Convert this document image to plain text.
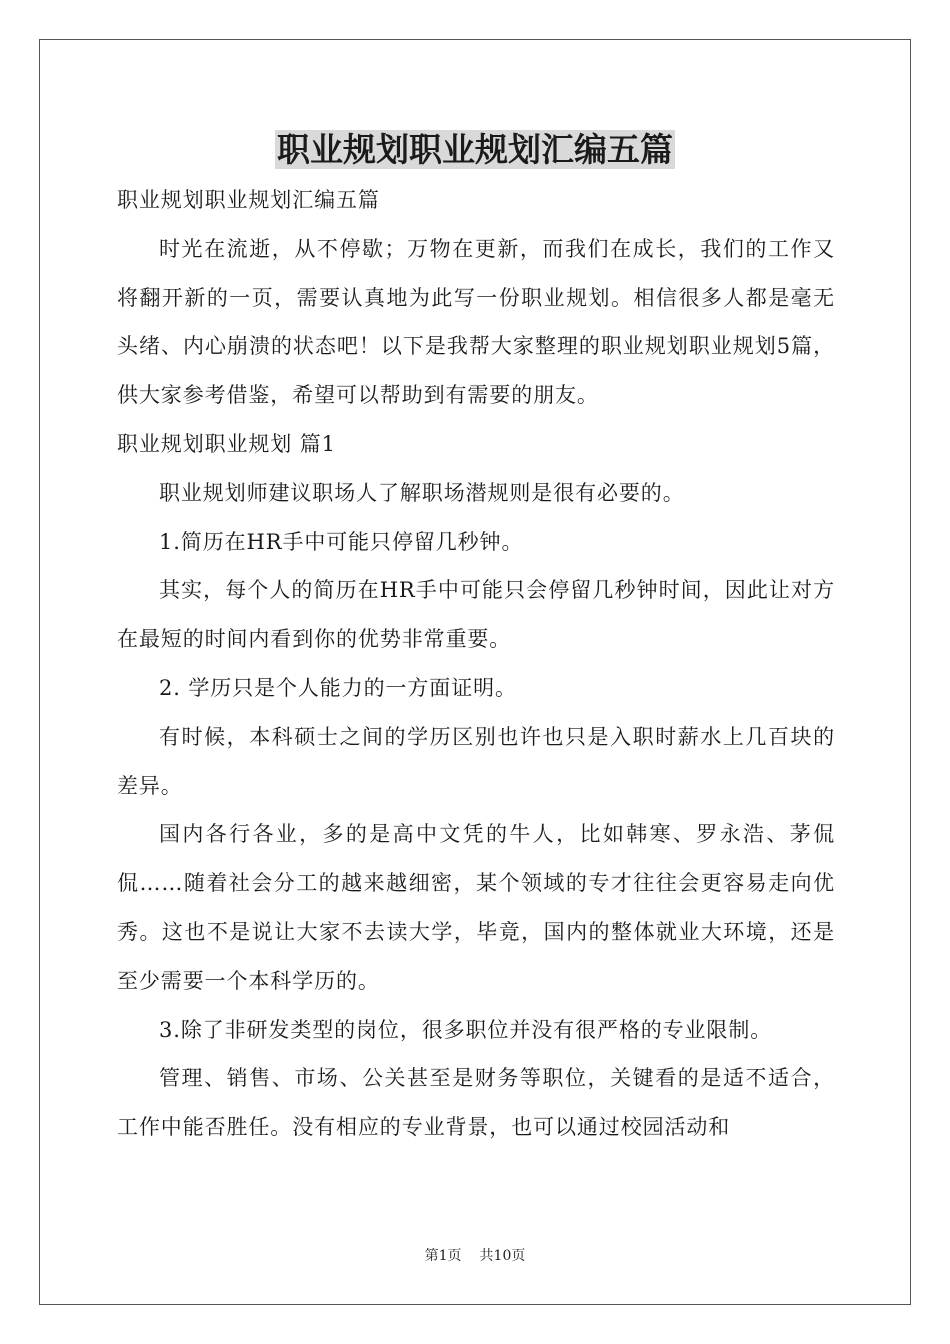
职业规划职业规划汇编五篇

职业规划职业规划汇编五篇

时光在流逝，从不停歇；万物在更新，而我们在成长，我们的工作又将翻开新的一页，需要认真地为此写一份职业规划。相信很多人都是毫无头绪、内心崩溃的状态吧！以下是我帮大家整理的职业规划职业规划5篇，供大家参考借鉴，希望可以帮助到有需要的朋友。

职业规划职业规划 篇1

职业规划师建议职场人了解职场潜规则是很有必要的。

1.简历在HR手中可能只停留几秒钟。

其实，每个人的简历在HR手中可能只会停留几秒钟时间，因此让对方在最短的时间内看到你的优势非常重要。

2. 学历只是个人能力的一方面证明。

有时候，本科硕士之间的学历区别也许也只是入职时薪水上几百块的差异。

国内各行各业，多的是高中文凭的牛人，比如韩寒、罗永浩、茅侃侃……随着社会分工的越来越细密，某个领域的专才往往会更容易走向优秀。这也不是说让大家不去读大学，毕竟，国内的整体就业大环境，还是至少需要一个本科学历的。

3.除了非研发类型的岗位，很多职位并没有很严格的专业限制。

管理、销售、市场、公关甚至是财务等职位，关键看的是适不适合，工作中能否胜任。没有相应的专业背景，也可以通过校园活动和

第1页 共10页
